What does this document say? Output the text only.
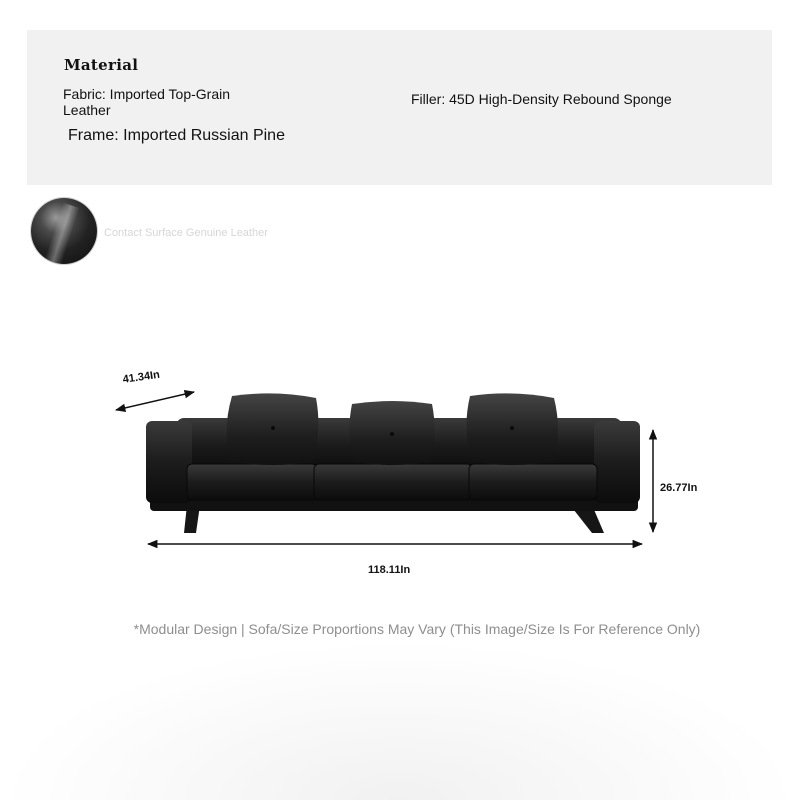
Material
Fabric: Imported Top-Grain Leather
Filler: 45D High-Density Rebound Sponge
Frame: Imported Russian Pine
Contact Surface Genuine Leather
41.34In
26.77In
118.11In
*Modular Design | Sofa/Size Proportions May Vary (This Image/Size Is For Reference Only)
